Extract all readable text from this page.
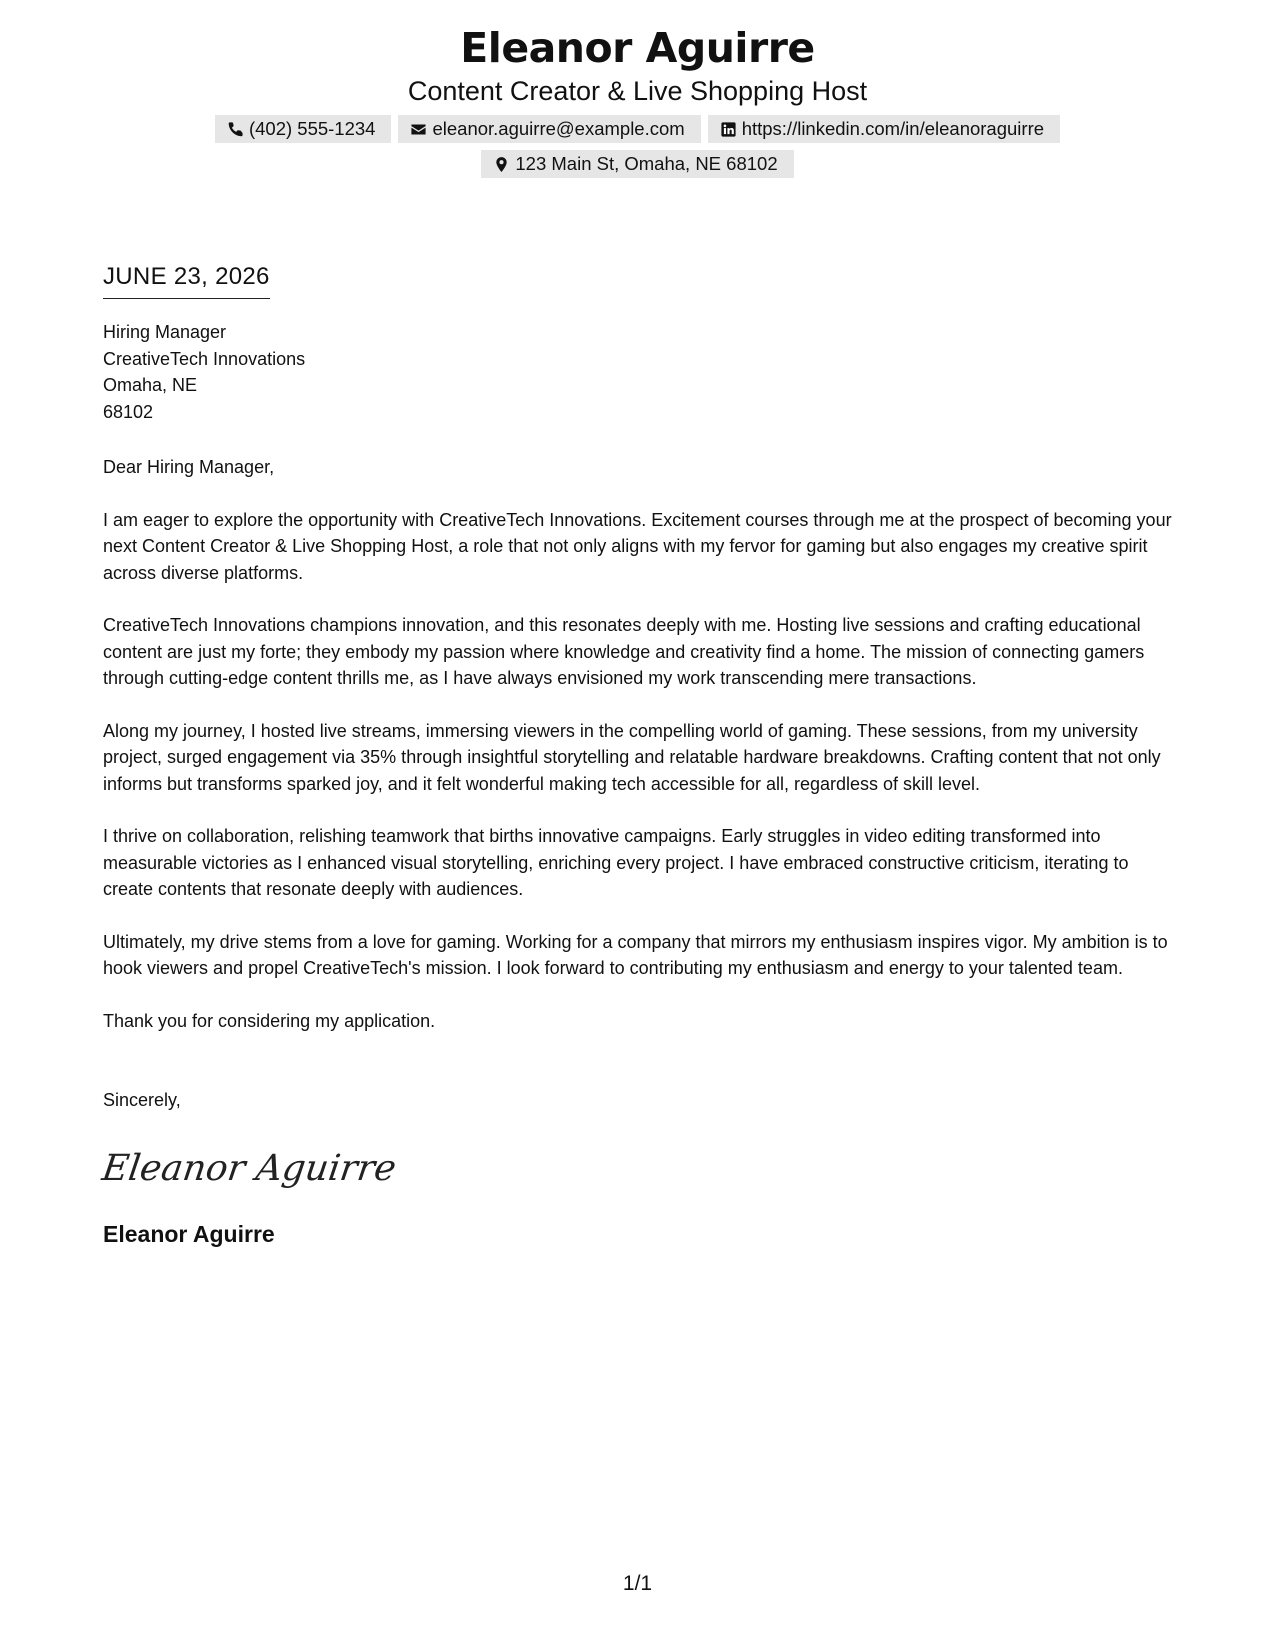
Eleanor Aguirre
Content Creator & Live Shopping Host
(402) 555-1234	eleanor.aguirre@example.com	https://linkedin.com/in/eleanoraguirre
123 Main St, Omaha, NE 68102
JUNE 23, 2026
Hiring Manager
CreativeTech Innovations
Omaha, NE
68102
Dear Hiring Manager,

I am eager to explore the opportunity with CreativeTech Innovations. Excitement courses through me at the prospect of becoming your next Content Creator & Live Shopping Host, a role that not only aligns with my fervor for gaming but also engages my creative spirit across diverse platforms.

CreativeTech Innovations champions innovation, and this resonates deeply with me. Hosting live sessions and crafting educational content are just my forte; they embody my passion where knowledge and creativity find a home. The mission of connecting gamers through cutting-edge content thrills me, as I have always envisioned my work transcending mere transactions.

Along my journey, I hosted live streams, immersing viewers in the compelling world of gaming. These sessions, from my university project, surged engagement via 35% through insightful storytelling and relatable hardware breakdowns. Crafting content that not only informs but transforms sparked joy, and it felt wonderful making tech accessible for all, regardless of skill level.

I thrive on collaboration, relishing teamwork that births innovative campaigns. Early struggles in video editing transformed into measurable victories as I enhanced visual storytelling, enriching every project. I have embraced constructive criticism, iterating to create contents that resonate deeply with audiences.

Ultimately, my drive stems from a love for gaming. Working for a company that mirrors my enthusiasm inspires vigor. My ambition is to hook viewers and propel CreativeTech's mission. I look forward to contributing my enthusiasm and energy to your talented team.

Thank you for considering my application.

Sincerely,
Eleanor Aguirre
Eleanor Aguirre
1/1
